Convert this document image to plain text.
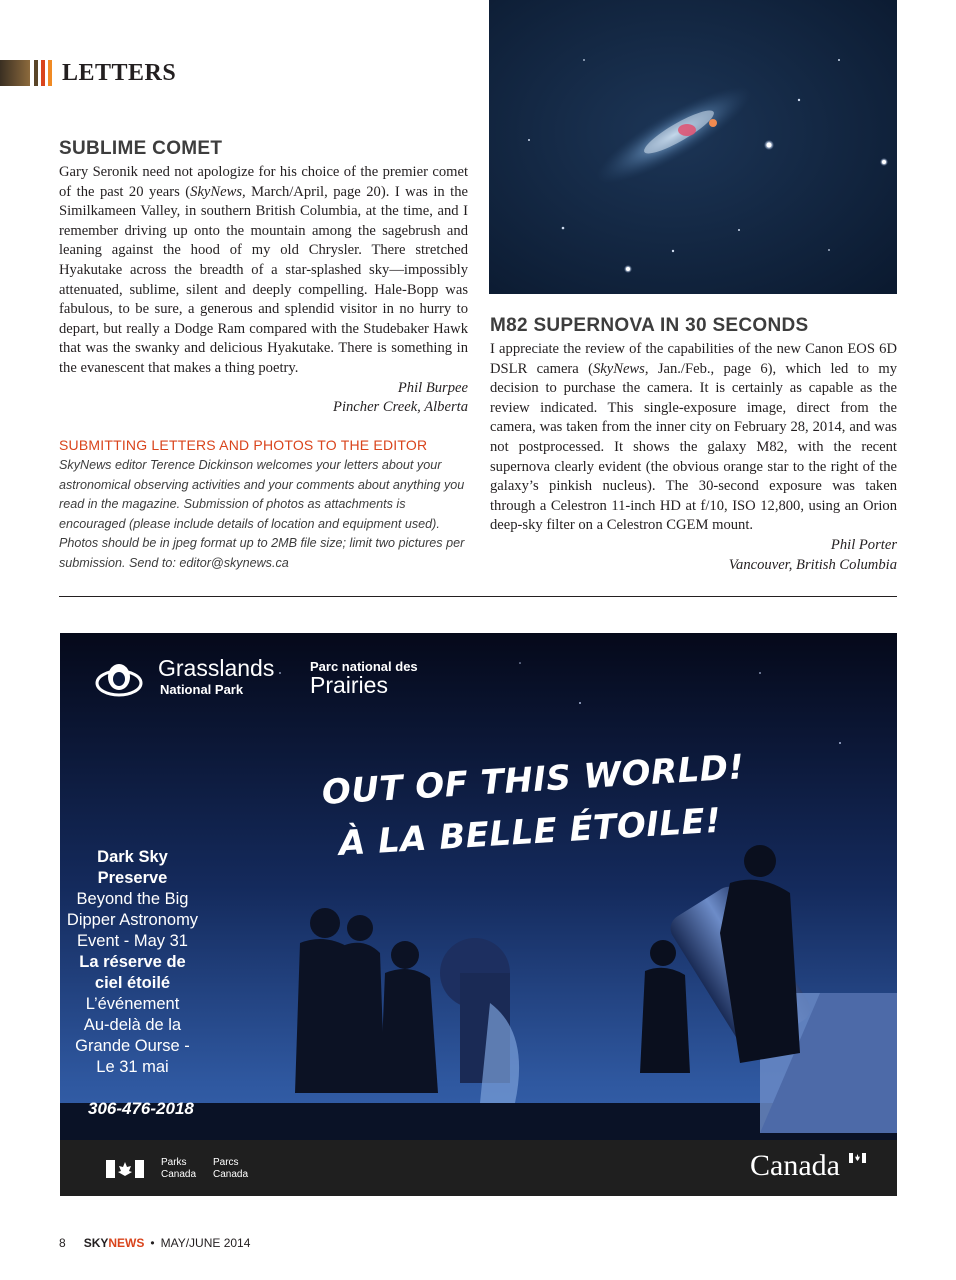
LETTERS
SUBLIME COMET

Gary Seronik need not apologize for his choice of the premier comet of the past 20 years (SkyNews, March/April, page 20). I was in the Similkameen Valley, in southern British Columbia, at the time, and I remember driving up onto the mountain among the sagebrush and leaning against the hood of my old Chrysler. There stretched Hyakutake across the breadth of a star-splashed sky—impossibly attenuated, sublime, silent and deeply compelling. Hale-Bopp was fabulous, to be sure, a generous and splendid visitor in no hurry to depart, but really a Dodge Ram compared with the Studebaker Hawk that was the swanky and delicious Hyakutake. There is something in the evanescent that makes a thing poetry.

Phil Burpee
Pincher Creek, Alberta
SUBMITTING LETTERS AND PHOTOS TO THE EDITOR

SkyNews editor Terence Dickinson welcomes your letters about your astronomical observing activities and your comments about anything you read in the magazine. Submission of photos as attachments is encouraged (please include details of location and equipment used). Photos should be in jpeg format up to 2MB file size; limit two pictures per submission. Send to: editor@skynews.ca

M82 SUPERNOVA IN 30 SECONDS

I appreciate the review of the capabilities of the new Canon EOS 6D DSLR camera (SkyNews, Jan./Feb., page 6), which led to my decision to purchase the camera. It is certainly as capable as the review indicated. This single-exposure image, direct from the camera, was taken from the inner city on February 28, 2014, and was not postprocessed. It shows the galaxy M82, with the recent supernova clearly evident (the obvious orange star to the right of the galaxy’s pinkish nucleus). The 30-second exposure was taken through a Celestron 11-inch HD at f/10, ISO 12,800, using an Orion deep-sky filter on a Celestron CGEM mount.

Phil Porter
Vancouver, British Columbia
Grasslands
National Park
Parc national des
Prairies
OUT OF THIS WORLD!
À LA BELLE ÉTOILE!
Dark Sky
Preserve
Beyond the Big
Dipper Astronomy
Event - May 31
La réserve de
ciel étoilé
L’événement
Au-delà de la
Grande Ourse -
Le 31 mai
306-476-2018
Parks
Canada
Parcs
Canada	Canada
8 SKYNEWS • MAY/JUNE 2014
